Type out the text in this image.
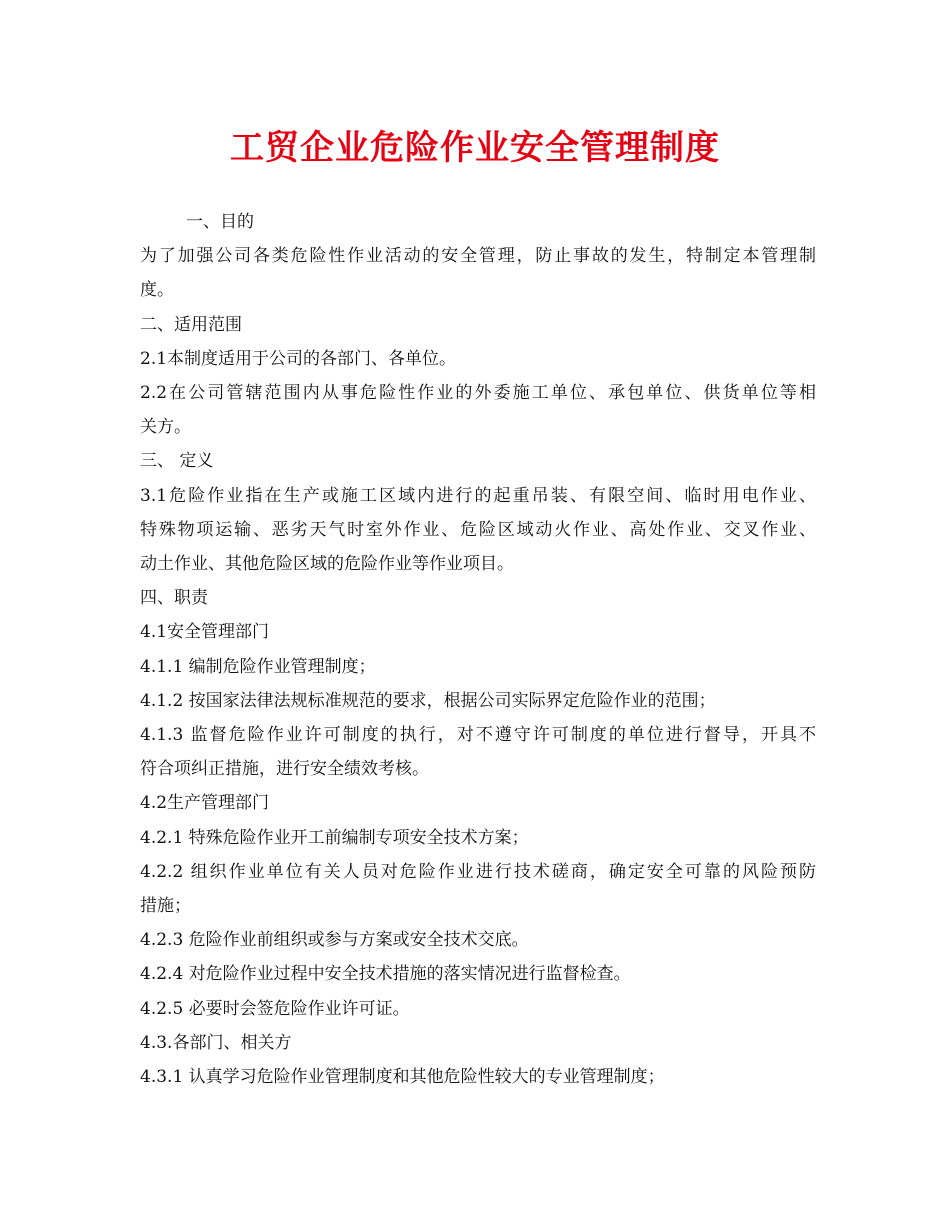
工贸企业危险作业安全管理制度
一、目的
为了加强公司各类危险性作业活动的安全管理，防止事故的发生，特制定本管理制
度。
二、适用范围
2.1本制度适用于公司的各部门、各单位。
2.2在公司管辖范围内从事危险性作业的外委施工单位、承包单位、供货单位等相
关方。
三、 定义
3.1危险作业指在生产或施工区域内进行的起重吊装、有限空间、临时用电作业、
特殊物项运输、恶劣天气时室外作业、危险区域动火作业、高处作业、交叉作业、
动土作业、其他危险区域的危险作业等作业项目。
四、职责
4.1安全管理部门
4.1.1 编制危险作业管理制度；
4.1.2 按国家法律法规标准规范的要求，根据公司实际界定危险作业的范围；
4.1.3 监督危险作业许可制度的执行，对不遵守许可制度的单位进行督导，开具不
符合项纠正措施，进行安全绩效考核。
4.2生产管理部门
4.2.1 特殊危险作业开工前编制专项安全技术方案；
4.2.2 组织作业单位有关人员对危险作业进行技术磋商，确定安全可靠的风险预防
措施；
4.2.3 危险作业前组织或参与方案或安全技术交底。
4.2.4 对危险作业过程中安全技术措施的落实情况进行监督检查。
4.2.5 必要时会签危险作业许可证。
4.3.各部门、相关方
4.3.1 认真学习危险作业管理制度和其他危险性较大的专业管理制度；
